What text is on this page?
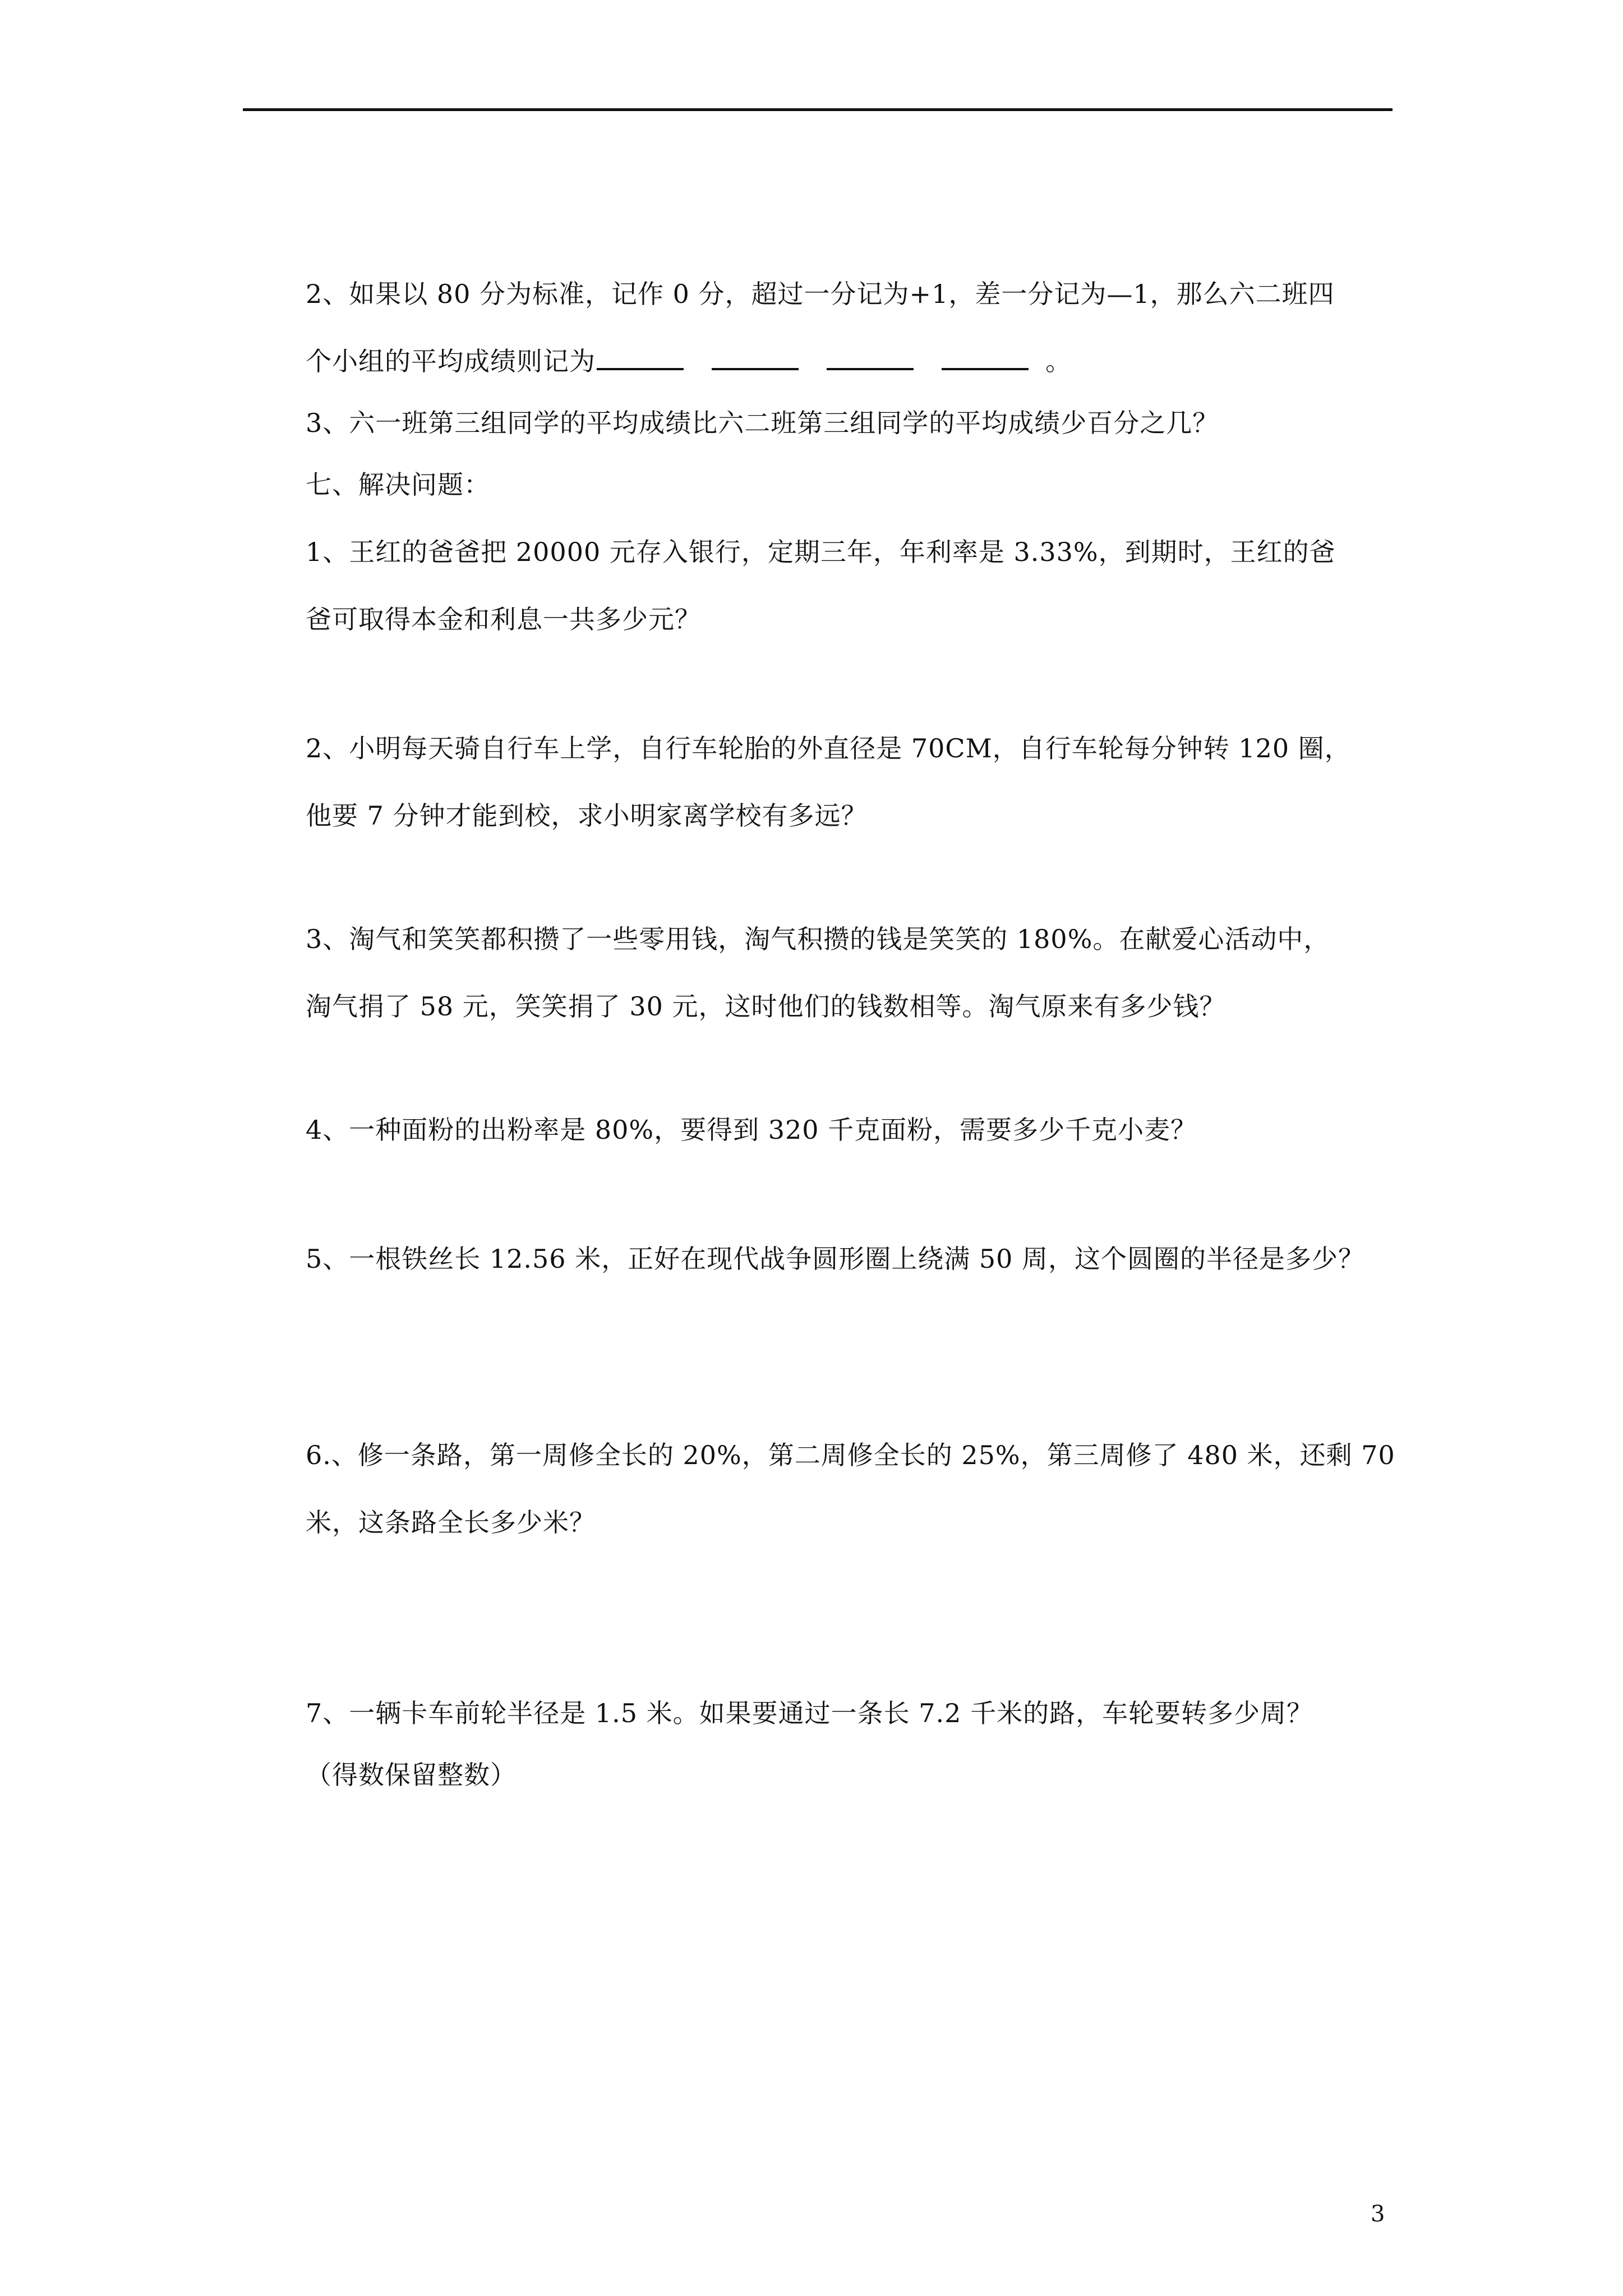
2、如果以 80 分为标准，记作 0 分，超过一分记为+1，差一分记为—1，那么六二班四
个小组的平均成绩则记为	。
3、六一班第三组同学的平均成绩比六二班第三组同学的平均成绩少百分之几？
七、解决问题：
1、王红的爸爸把 20000 元存入银行，定期三年，年利率是 3.33%，到期时，王红的爸
爸可取得本金和利息一共多少元？
2、小明每天骑自行车上学，自行车轮胎的外直径是 70CM，自行车轮每分钟转 120 圈，
他要 7 分钟才能到校，求小明家离学校有多远？
3、淘气和笑笑都积攒了一些零用钱，淘气积攒的钱是笑笑的 180%。在献爱心活动中，
淘气捐了 58 元，笑笑捐了 30 元，这时他们的钱数相等。淘气原来有多少钱？
4、一种面粉的出粉率是 80%，要得到 320 千克面粉，需要多少千克小麦？
5、一根铁丝长 12.56 米，正好在现代战争圆形圈上绕满 50 周，这个圆圈的半径是多少？
6.、修一条路，第一周修全长的 20%，第二周修全长的 25%，第三周修了 480 米，还剩 70
米，这条路全长多少米？
7、一辆卡车前轮半径是 1.5 米。如果要通过一条长 7.2 千米的路，车轮要转多少周？
（得数保留整数）
3
